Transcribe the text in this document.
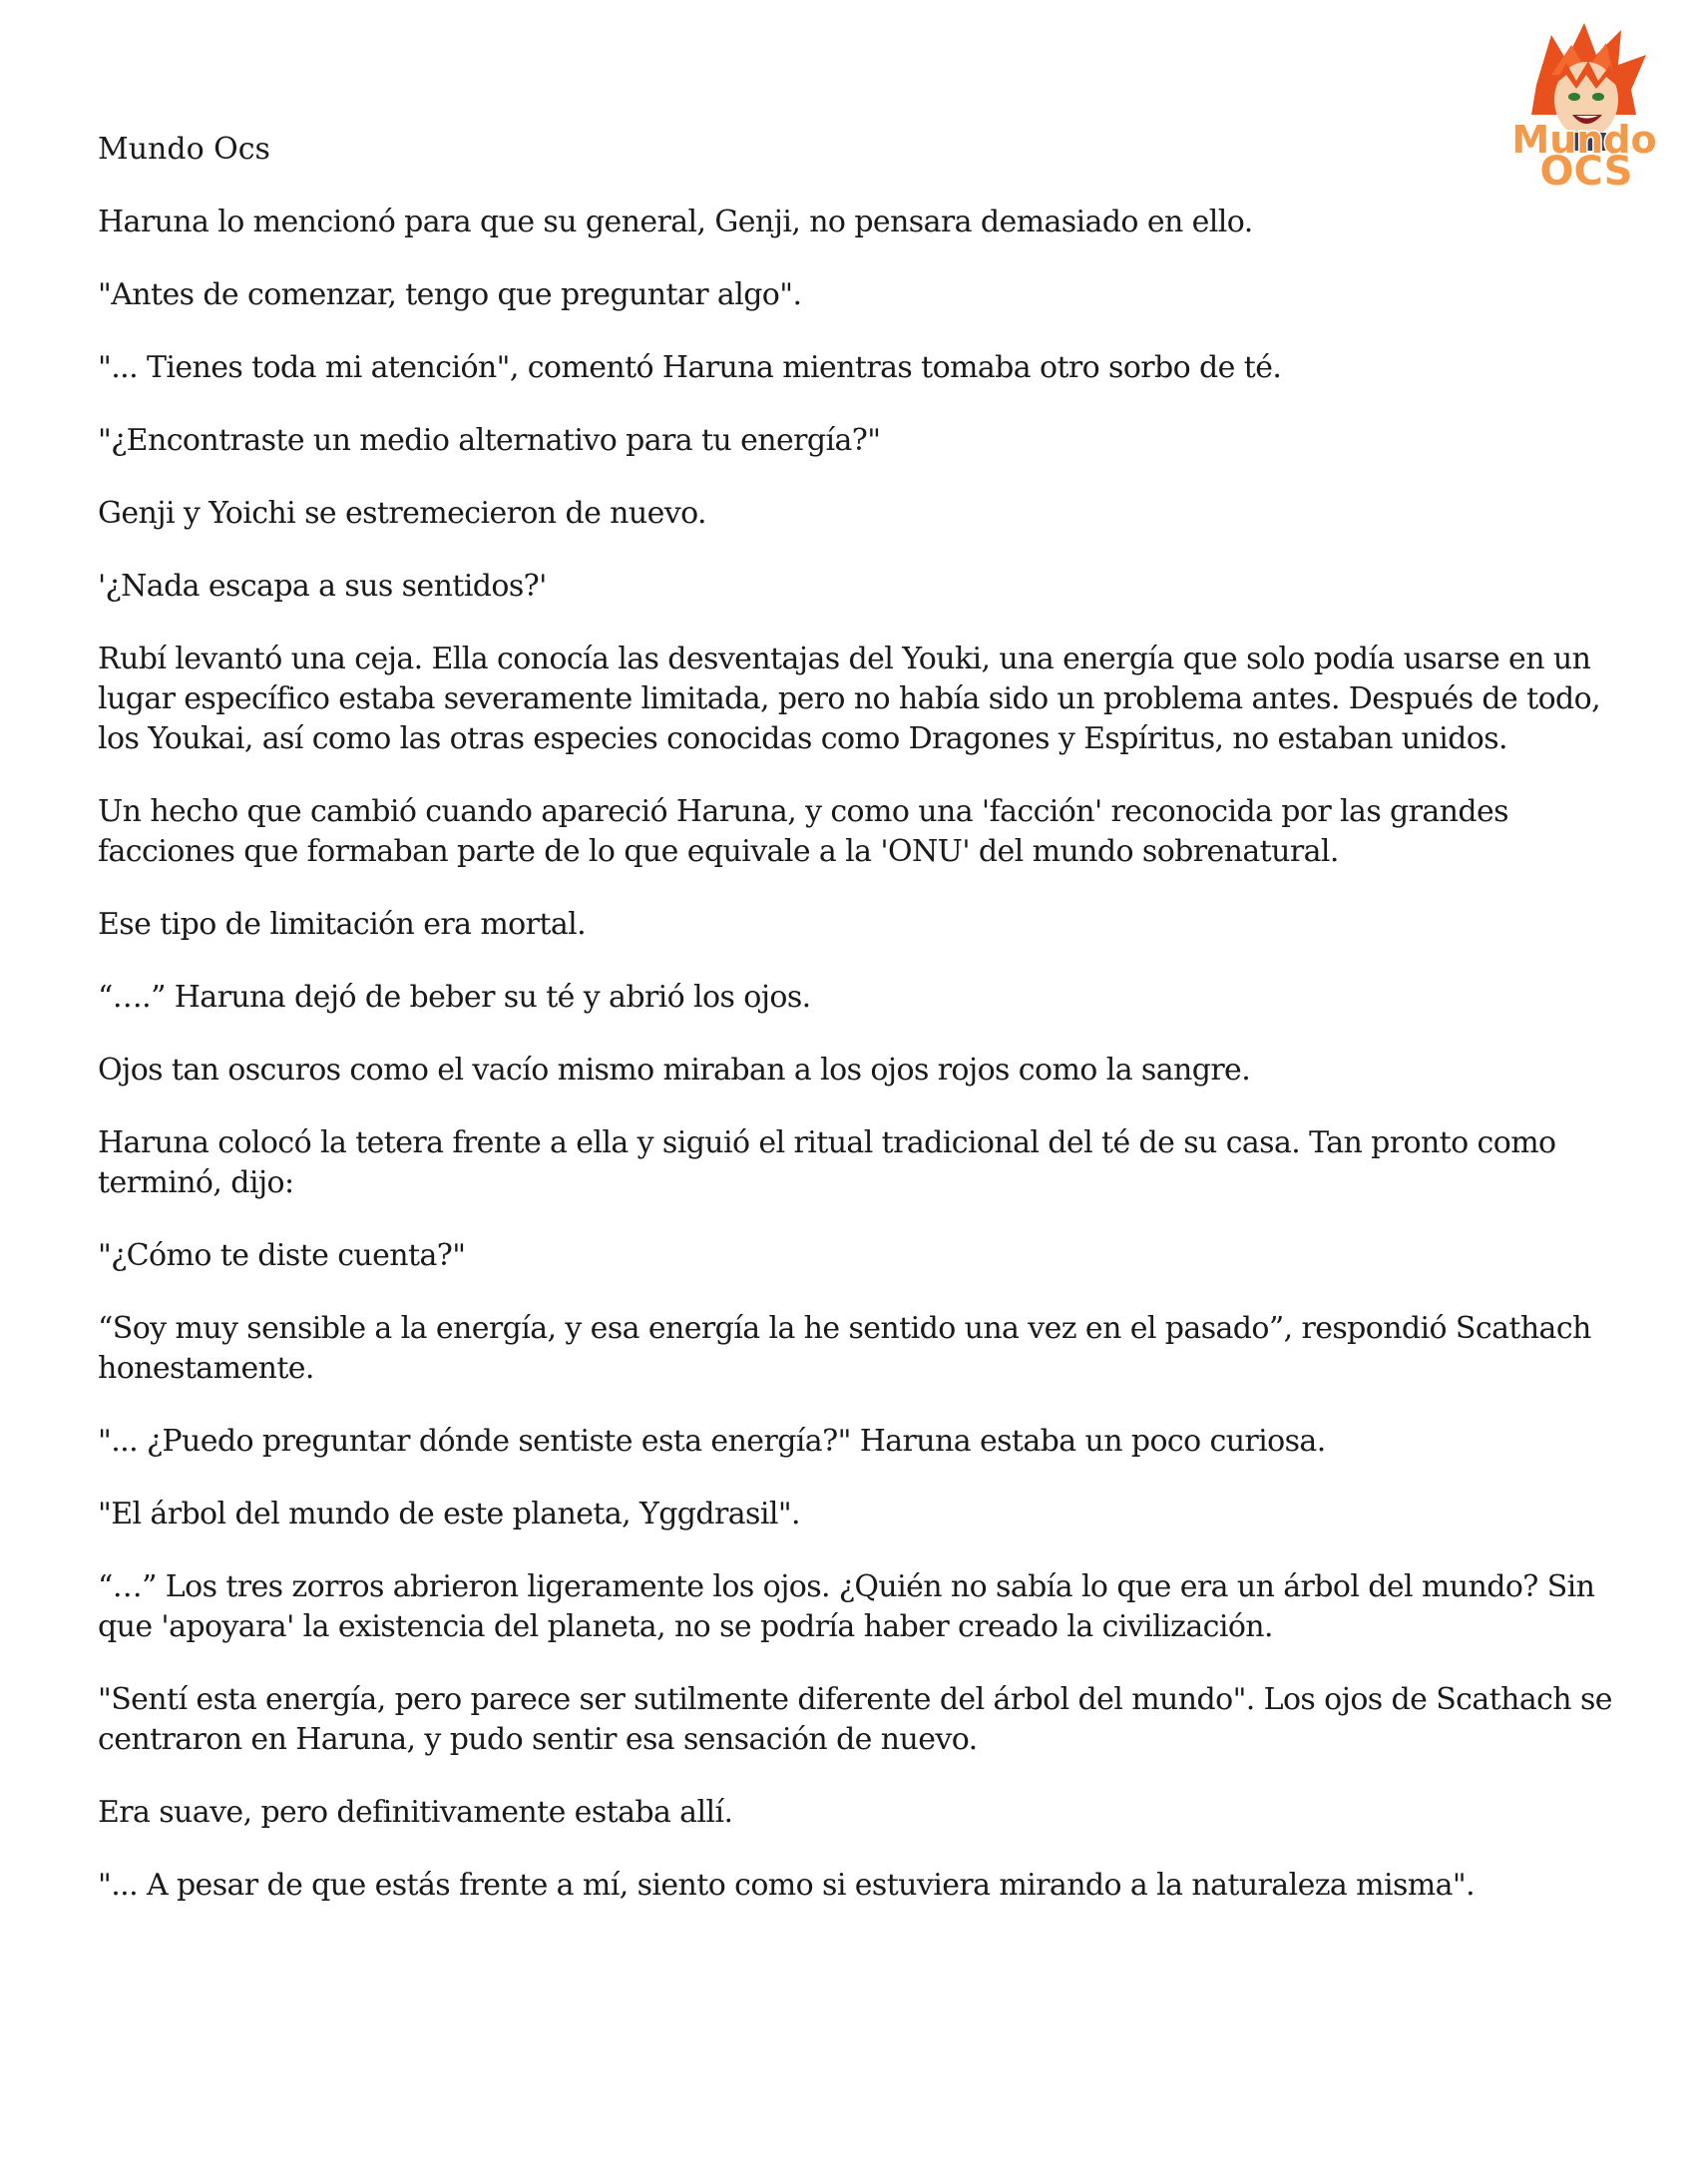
Mundo
OCS

Mundo Ocs

Haruna lo mencionó para que su general, Genji, no pensara demasiado en ello.

"Antes de comenzar, tengo que preguntar algo".

"... Tienes toda mi atención", comentó Haruna mientras tomaba otro sorbo de té.

"¿Encontraste un medio alternativo para tu energía?"

Genji y Yoichi se estremecieron de nuevo.

'¿Nada escapa a sus sentidos?'

Rubí levantó una ceja. Ella conocía las desventajas del Youki, una energía que solo podía usarse en un lugar específico estaba severamente limitada, pero no había sido un problema antes. Después de todo, los Youkai, así como las otras especies conocidas como Dragones y Espíritus, no estaban unidos.

Un hecho que cambió cuando apareció Haruna, y como una 'facción' reconocida por las grandes facciones que formaban parte de lo que equivale a la 'ONU' del mundo sobrenatural.

Ese tipo de limitación era mortal.

“….” Haruna dejó de beber su té y abrió los ojos.

Ojos tan oscuros como el vacío mismo miraban a los ojos rojos como la sangre.

Haruna colocó la tetera frente a ella y siguió el ritual tradicional del té de su casa. Tan pronto como terminó, dijo:

"¿Cómo te diste cuenta?"

“Soy muy sensible a la energía, y esa energía la he sentido una vez en el pasado”, respondió Scathach honestamente.

"... ¿Puedo preguntar dónde sentiste esta energía?" Haruna estaba un poco curiosa.

"El árbol del mundo de este planeta, Yggdrasil".

“…” Los tres zorros abrieron ligeramente los ojos. ¿Quién no sabía lo que era un árbol del mundo? Sin que 'apoyara' la existencia del planeta, no se podría haber creado la civilización.

"Sentí esta energía, pero parece ser sutilmente diferente del árbol del mundo". Los ojos de Scathach se centraron en Haruna, y pudo sentir esa sensación de nuevo.

Era suave, pero definitivamente estaba allí.

"... A pesar de que estás frente a mí, siento como si estuviera mirando a la naturaleza misma".
